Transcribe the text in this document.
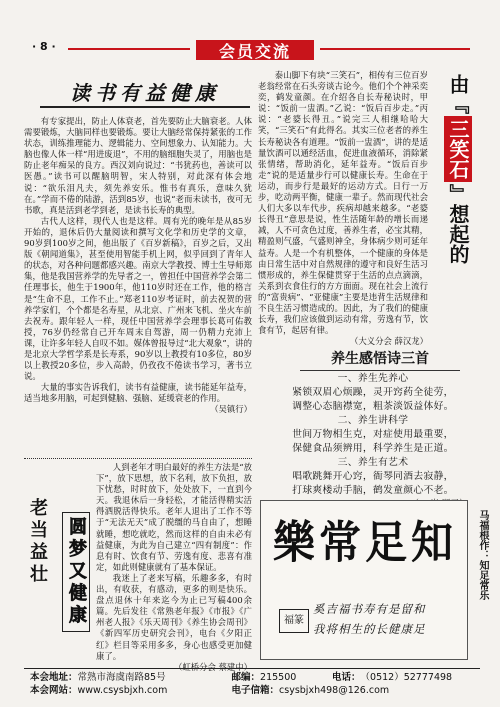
· 8 ·	会员交流
读书有益健康

有专家提出，防止人体衰老，首先要防止大脑衰老。人体需要锻炼，大脑同样也要锻炼。要让大脑经常保持紧张的工作状态，训练推理能力、逻辑能力、空间想象力、认知能力。大脑也像人体一样“用进废退”，不用的脑细胞失灵了，用脑也是防止老年痴呆的良方。西汉刘向说过：“书犹药也，善读可以医愚。”读书可以醒脑明智，宋人特别，对此深有体会地说：“欲乐泪凡夫，须先养安乐。惟书有真乐，意味久犹在。”学而不倦的陆游，活到85岁，也说“老而未读书，夜可无书歌，真是活到老学到老，是读书长寿的典型。

古代人这样，现代人也是这样。周有光的晚年是从85岁开始的，退休后仍大量阅读和撰写文化学和历史学的文章，90岁到100岁之间，他出版了《百岁新稿》，百岁之后，又出版《朝闻道集》，甚至使用智能手机上网，似乎回到了青年人的状态，对各种问题都感兴趣。南京大学教授、博士生导师郑集，他是我国营养学的先导者之一，曾担任中国营养学会第二任理事长，他生于1900年，他110岁时还在工作，他的格言是“生命不息，工作不止。”郑老110岁考证时，前去祝贺的营养学家们，个个都是名寿星，从北京、广州来飞机、坐火车前去祝寿。跟年轻人一样，现任中国营养学会理事长葛可佑教授，76岁仍经常自己开车周末自驾游，周一仍精力充沛上课，让许多年轻人自叹不如。媒体曾报导过“北大观象”，讲的是北京大学哲学系是长寿系，90岁以上教授有10多位，80岁以上教授20多位，步入高龄，仍孜孜不倦读书学习，著书立说。

大量的事实告诉我们，读书有益健康，读书能延年益寿，适当地多用脑，可起到健脑、强脑、延缓衰老的作用。

（吴镇行）
老当益壮 圆梦又健康

人到老年才明白最好的养生方法是“放下”，放下思想，放下名利，放下负担，放下忧愁，时时放下，处处放下，一直到今天。我退休后一身轻松，才能活得精实活得洒脱活得快乐。老年人退出了工作不等于“无法无天”成了脱缰的马自由了，想睡就睡，想吃就吃，然而这样的自由未必有益健康，为此为自己建立“四有制度”：作息有时、饮食有节、劳逸有度、悲喜有准定，如此则健康就有了基本保证。

我迷上了老来写稿，乐趣多多，有时出，有收获，有感动，更多的则是快乐。盘点退休十年来迄今为止已写稿400余篇。先后发往《常熟老年报》《市报》《广州老人报》《乐天周刊》《养生协会周刊》《新四军历史研究会刊》，电台《夕阳正红》栏目等采用多多，身心也感受更加健康了。

（虹桥分会 蔡建中）

泰山脚下有块“三笑石”，相传有三位百岁老翁经常在石头旁谈古论今。他们个个神采奕奕，鹤发童颜。在介绍各自长寿秘诀时，甲说：“饭前一盅酒。”乙说：“饭后百步走。”丙说：“老婆长得丑。”说完三人相继哈哈大笑，“三笑石”有此得名。其实三位老者的养生长寿秘诀各有道理。“饭前一盅酒”，讲的是适量饮酒可以通经活血，促进血液循环，消除紧张情绪，帮助消化，延年益寿。“饭后百步走”说的是适量步行可以健康长寿。生命在于运动，而步行是最好的运动方式。日行一万步，吃动两平衡，健康一辈子。然而现代社会人们大多以车代步，疾病却越来越多。“老婆长得丑”意思是说，性生活随年龄的增长而递减，人不可贪色过度，善养生者，必宝其精，精盈则气盛，气盛则神全，身体病少则可延年益寿。人是一个有机整体，一个健康的身体是由日常生活中对自然规律的遵守和良好生活习惯形成的，养生保健贯穿于生活的点点滴滴，关系到衣食住行的方方面面。现在社会上流行的“富贵病”、“亚健康”主要是违背生活规律和不良生活习惯造成的。因此，为了我们的健康长寿，我们应该做到运动有常，劳逸有节，饮食有节，起居有律。

（大义分会 薛汉龙）
由『
三笑石
』想起的
养生感悟诗三首
一、养生先养心
紧锁双眉心烦躁，灵开窍药全徒劳，
调整心态脑襟宽，粗茶淡饭益体好。
二、养生讲科学
世间万物相生克，对症使用最重要，
保健食品须辨用，科学养生是正道。
三、养生有艺术
唱歌跳舞开心窍，衙琴同酒去寂静，
打球爽楼动手脑，鹤发童颜心不老。
樂常足知
福篆
奚吉福书寿有是留和
我将相生的长健康足
马福根作：知足常乐
本会地址： 常熟市海虞南路85号	邮编： 215500	电话： （0512）52777498
本会网站： www.csysbjxh.com	电子信箱： csysbjxh498@126.com
